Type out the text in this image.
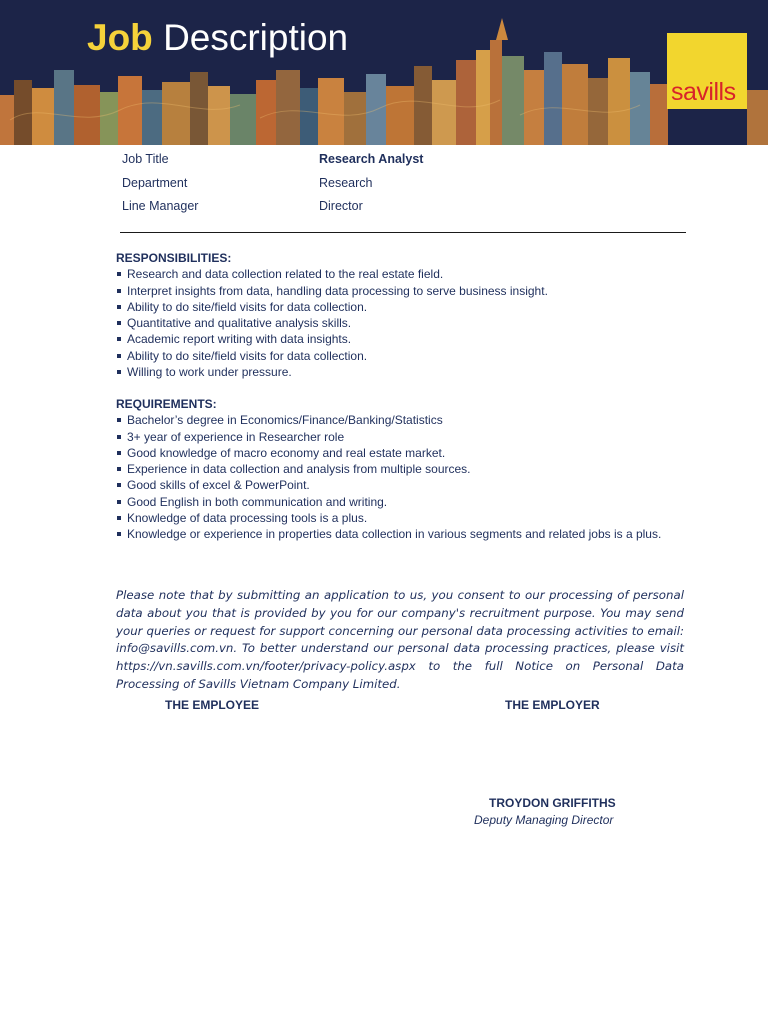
Job Description
savills
Job Title	Research Analyst
Department	Research
Line Manager	Director
RESPONSIBILITIES:
Research and data collection related to the real estate field.
Interpret insights from data, handling data processing to serve business insight.
Ability to do site/field visits for data collection.
Quantitative and qualitative analysis skills.
Academic report writing with data insights.
Ability to do site/field visits for data collection.
Willing to work under pressure.
REQUIREMENTS:
Bachelor’s degree in Economics/Finance/Banking/Statistics
3+ year of experience in Researcher role
Good knowledge of macro economy and real estate market.
Experience in data collection and analysis from multiple sources.
Good skills of excel & PowerPoint.
Good English in both communication and writing.
Knowledge of data processing tools is a plus.
Knowledge or experience in properties data collection in various segments and related jobs is a plus.
Please note that by submitting an application to us, you consent to our processing of personal data about you that is provided by you for our company's recruitment purpose. You may send your queries or request for support concerning our personal data processing activities to email: info@savills.com.vn. To better understand our personal data processing practices, please visit https://vn.savills.com.vn/footer/privacy-policy.aspx to the full Notice on Personal Data Processing of Savills Vietnam Company Limited.
THE EMPLOYEE	THE EMPLOYER
TROYDON GRIFFITHS
Deputy Managing Director
